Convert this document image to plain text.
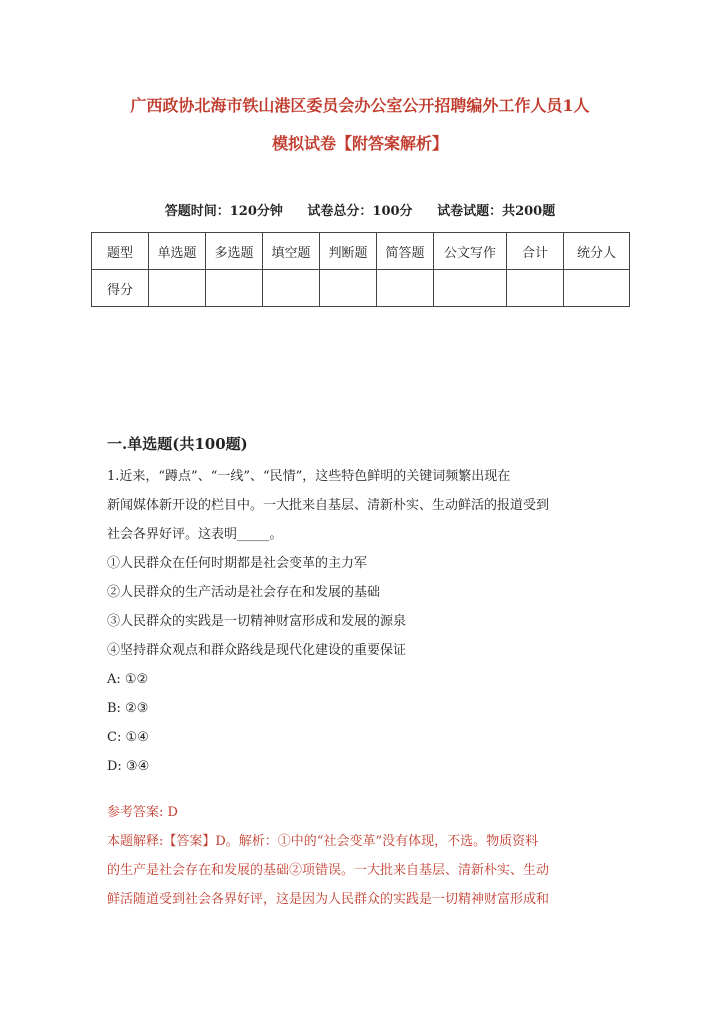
广西政协北海市铁山港区委员会办公室公开招聘编外工作人员1人
模拟试卷【附答案解析】
答题时间：120分钟 试卷总分：100分 试卷试题：共200题
题型	单选题	多选题	填空题	判断题	简答题	公文写作	合计	统分人
得分								
一.单选题(共100题)
1.近来，“蹲点”、“一线”、“民情”，这些特色鲜明的关键词频繁出现在
新闻媒体新开设的栏目中。一大批来自基层、清新朴实、生动鲜活的报道受到
社会各界好评。这表明_____。
①人民群众在任何时期都是社会变革的主力军
②人民群众的生产活动是社会存在和发展的基础
③人民群众的实践是一切精神财富形成和发展的源泉
④坚持群众观点和群众路线是现代化建设的重要保证
A: ①②
B: ②③
C: ①④
D: ③④
参考答案: D
本题解释:【答案】D。解析：①中的“社会变革”没有体现，不选。物质资料
的生产是社会存在和发展的基础②项错误。一大批来自基层、清新朴实、生动
鲜活随道受到社会各界好评，这是因为人民群众的实践是一切精神财富形成和
